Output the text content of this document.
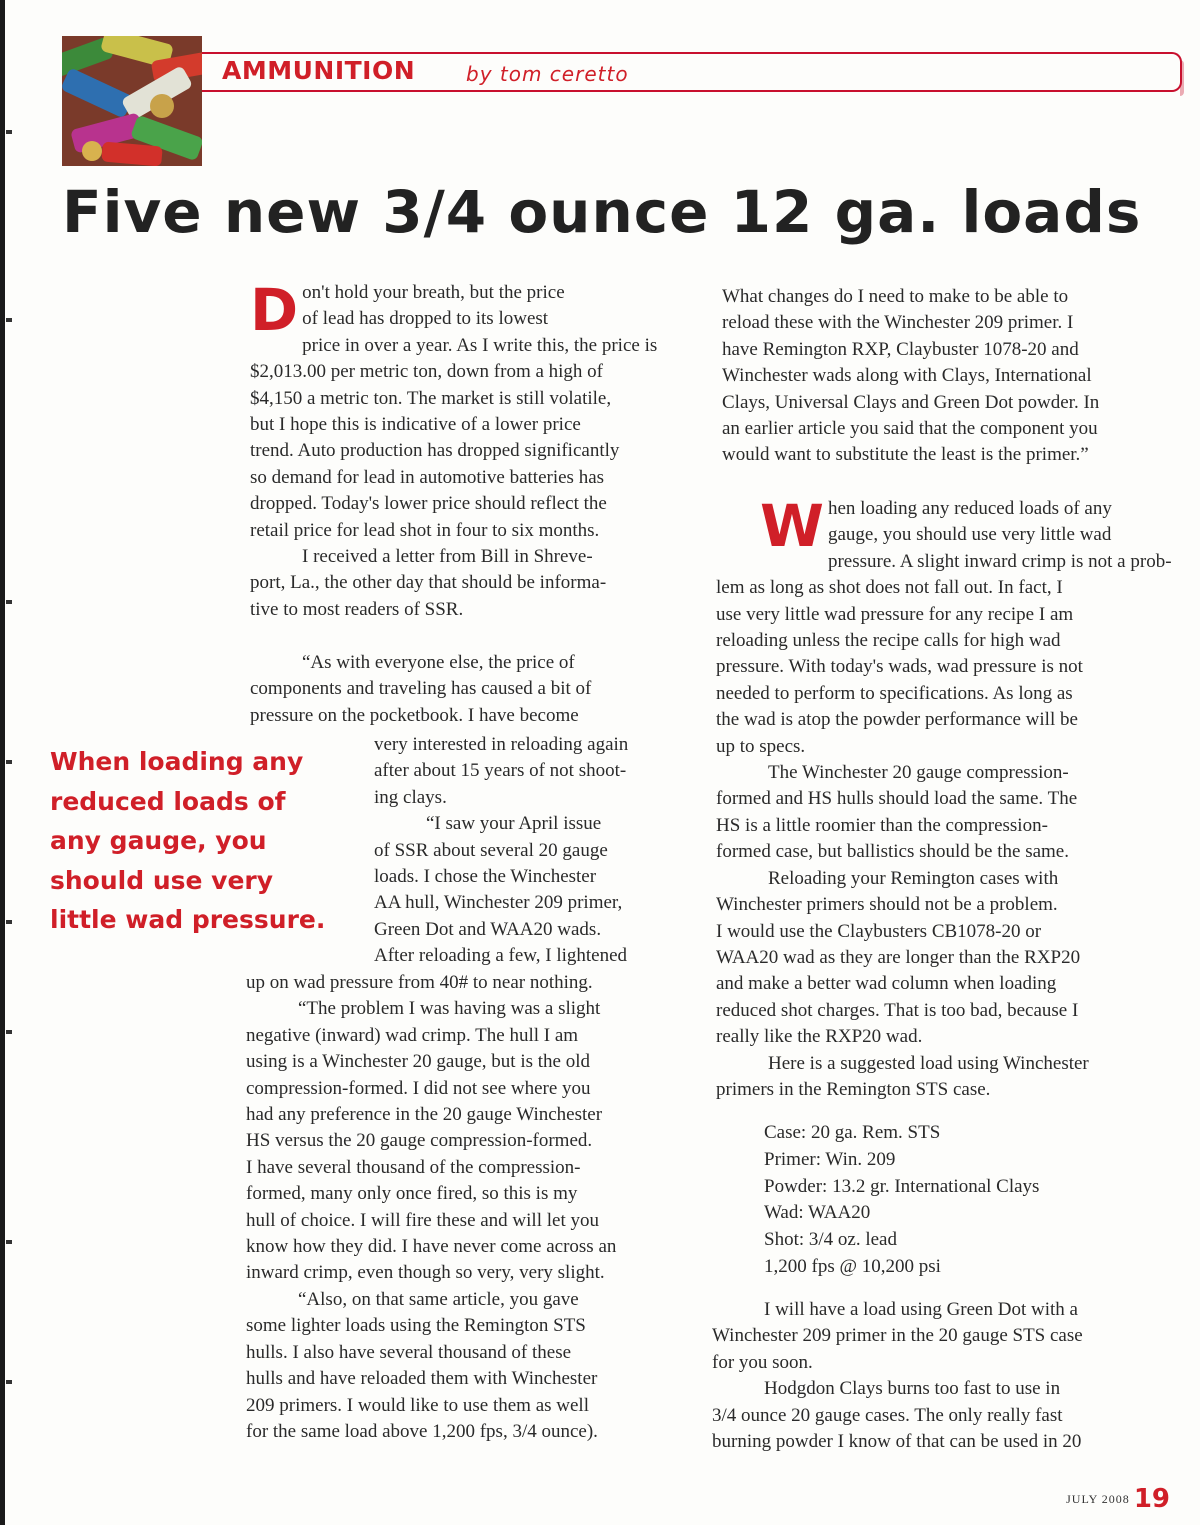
AMMUNITION	by tom ceretto
Five new 3/4 ounce 12 ga. loads
When loading any
reduced loads of
any gauge, you
should use very
little wad pressure.
D on't hold your breath, but the price
of lead has dropped to its lowest
price in over a year. As I write this, the price is
$2,013.00 per metric ton, down from a high of
$4,150 a metric ton. The market is still volatile,
but I hope this is indicative of a lower price
trend. Auto production has dropped significantly
so demand for lead in automotive batteries has
dropped. Today's lower price should reflect the
retail price for lead shot in four to six months.
I received a letter from Bill in Shreve-
port, La., the other day that should be informa-
tive to most readers of SSR.

“As with everyone else, the price of
components and traveling has caused a bit of
pressure on the pocketbook. I have become
very interested in reloading again
after about 15 years of not shoot-
ing clays.
“I saw your April issue
of SSR about several 20 gauge
loads. I chose the Winchester
AA hull, Winchester 209 primer,
Green Dot and WAA20 wads.
After reloading a few, I lightened
up on wad pressure from 40# to near nothing.
“The problem I was having was a slight
negative (inward) wad crimp. The hull I am
using is a Winchester 20 gauge, but is the old
compression-formed. I did not see where you
had any preference in the 20 gauge Winchester
HS versus the 20 gauge compression-formed.
I have several thousand of the compression-
formed, many only once fired, so this is my
hull of choice. I will fire these and will let you
know how they did. I have never come across an
inward crimp, even though so very, very slight.
“Also, on that same article, you gave
some lighter loads using the Remington STS
hulls. I also have several thousand of these
hulls and have reloaded them with Winchester
209 primers. I would like to use them as well
for the same load above 1,200 fps, 3/4 ounce).
What changes do I need to make to be able to
reload these with the Winchester 209 primer. I
have Remington RXP, Claybuster 1078-20 and
Winchester wads along with Clays, International
Clays, Universal Clays and Green Dot powder. In
an earlier article you said that the component you
would want to substitute the least is the primer.”
W hen loading any reduced loads of any
gauge, you should use very little wad
pressure. A slight inward crimp is not a prob-
lem as long as shot does not fall out. In fact, I
use very little wad pressure for any recipe I am
reloading unless the recipe calls for high wad
pressure. With today's wads, wad pressure is not
needed to perform to specifications. As long as
the wad is atop the powder performance will be
up to specs.
The Winchester 20 gauge compression-
formed and HS hulls should load the same. The
HS is a little roomier than the compression-
formed case, but ballistics should be the same.
Reloading your Remington cases with
Winchester primers should not be a problem.
I would use the Claybusters CB1078-20 or
WAA20 wad as they are longer than the RXP20
and make a better wad column when loading
reduced shot charges. That is too bad, because I
really like the RXP20 wad.
Here is a suggested load using Winchester
primers in the Remington STS case.
Case: 20 ga. Rem. STS
Primer: Win. 209
Powder: 13.2 gr. International Clays
Wad: WAA20
Shot: 3/4 oz. lead
1,200 fps @ 10,200 psi
I will have a load using Green Dot with a
Winchester 209 primer in the 20 gauge STS case
for you soon.
Hodgdon Clays burns too fast to use in
3/4 ounce 20 gauge cases. The only really fast
burning powder I know of that can be used in 20
JULY 2008 19
